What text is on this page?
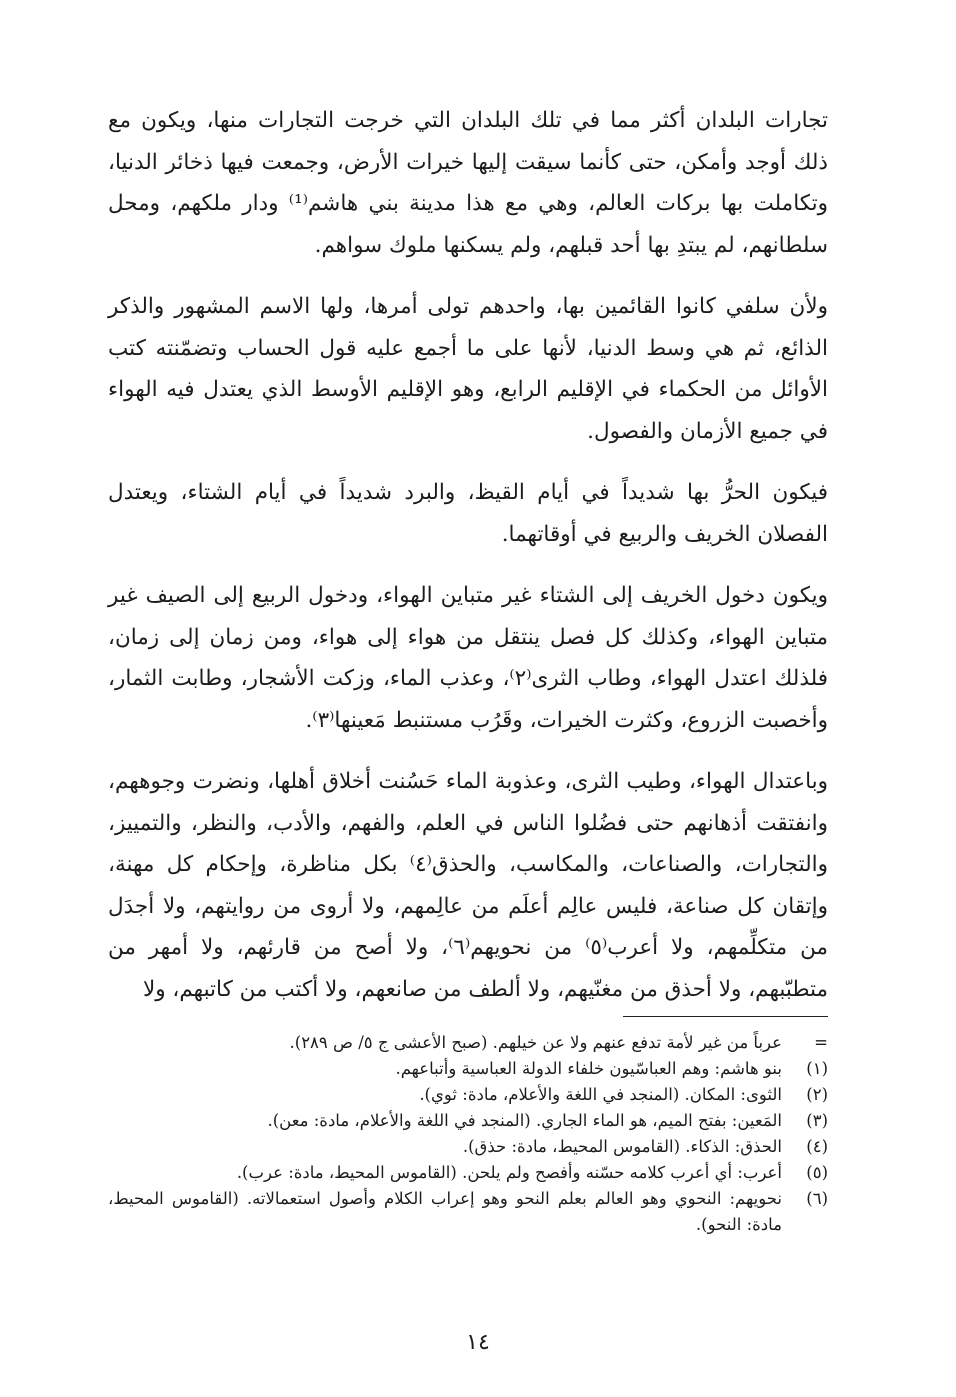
تجارات البلدان أكثر مما في تلك البلدان التي خرجت التجارات منها، ويكون مع ذلك أوجد وأمكن، حتى كأنما سيقت إليها خيرات الأرض، وجمعت فيها ذخائر الدنيا، وتكاملت بها بركات العالم، وهي مع هذا مدينة بني هاشم⁽¹⁾ ودار ملكهم، ومحل سلطانهم، لم يبتدِ بها أحد قبلهم، ولم يسكنها ملوك سواهم.

ولأن سلفي كانوا القائمين بها، واحدهم تولى أمرها، ولها الاسم المشهور والذكر الذائع، ثم هي وسط الدنيا، لأنها على ما أجمع عليه قول الحساب وتضمّنته كتب الأوائل من الحكماء في الإقليم الرابع، وهو الإقليم الأوسط الذي يعتدل فيه الهواء في جميع الأزمان والفصول.

فيكون الحرُّ بها شديداً في أيام القيظ، والبرد شديداً في أيام الشتاء، ويعتدل الفصلان الخريف والربيع في أوقاتهما.

ويكون دخول الخريف إلى الشتاء غير متباين الهواء، ودخول الربيع إلى الصيف غير متباين الهواء، وكذلك كل فصل ينتقل من هواء إلى هواء، ومن زمان إلى زمان، فلذلك اعتدل الهواء، وطاب الثرى⁽٢⁾، وعذب الماء، وزكت الأشجار، وطابت الثمار، وأخصبت الزروع، وكثرت الخيرات، وقَرُب مستنبط مَعينها⁽٣⁾.

وباعتدال الهواء، وطيب الثرى، وعذوبة الماء حَسُنت أخلاق أهلها، ونضرت وجوههم، وانفتقت أذهانهم حتى فضُلوا الناس في العلم، والفهم، والأدب، والنظر، والتمييز، والتجارات، والصناعات، والمكاسب، والحذق⁽٤⁾ بكل مناظرة، وإحكام كل مهنة، وإتقان كل صناعة، فليس عالِم أعلَم من عالِمهم، ولا أروى من روايتهم، ولا أجدَل من متكلِّمهم، ولا أعرب⁽٥⁾ من نحويهم⁽٦⁾، ولا أصح من قارئهم، ولا أمهر من متطبّبهم، ولا أحذق من مغنّيهم، ولا ألطف من صانعهم، ولا أكتب من كاتبهم، ولا

=
عرباً من غير لأمة تدفع عنهم ولا عن خيلهم. (صبح الأعشى ج ٥/ ص ٢٨٩).
(١)
بنو هاشم: وهم العباسّيون خلفاء الدولة العباسية وأتباعهم.
(٢)
الثوى: المكان. (المنجد في اللغة والأعلام، مادة: ثوي).
(٣)
المَعين: بفتح الميم، هو الماء الجاري. (المنجد في اللغة والأعلام، مادة: معن).
(٤)
الحذق: الذكاء. (القاموس المحيط، مادة: حذق).
(٥)
أعرب: أي أعرب كلامه حسّنه وأفصح ولم يلحن. (القاموس المحيط، مادة: عرب).
(٦)
نحويهم: النحوي وهو العالم بعلم النحو وهو إعراب الكلام وأصول استعمالاته. (القاموس المحيط، مادة: النحو).
١٤
